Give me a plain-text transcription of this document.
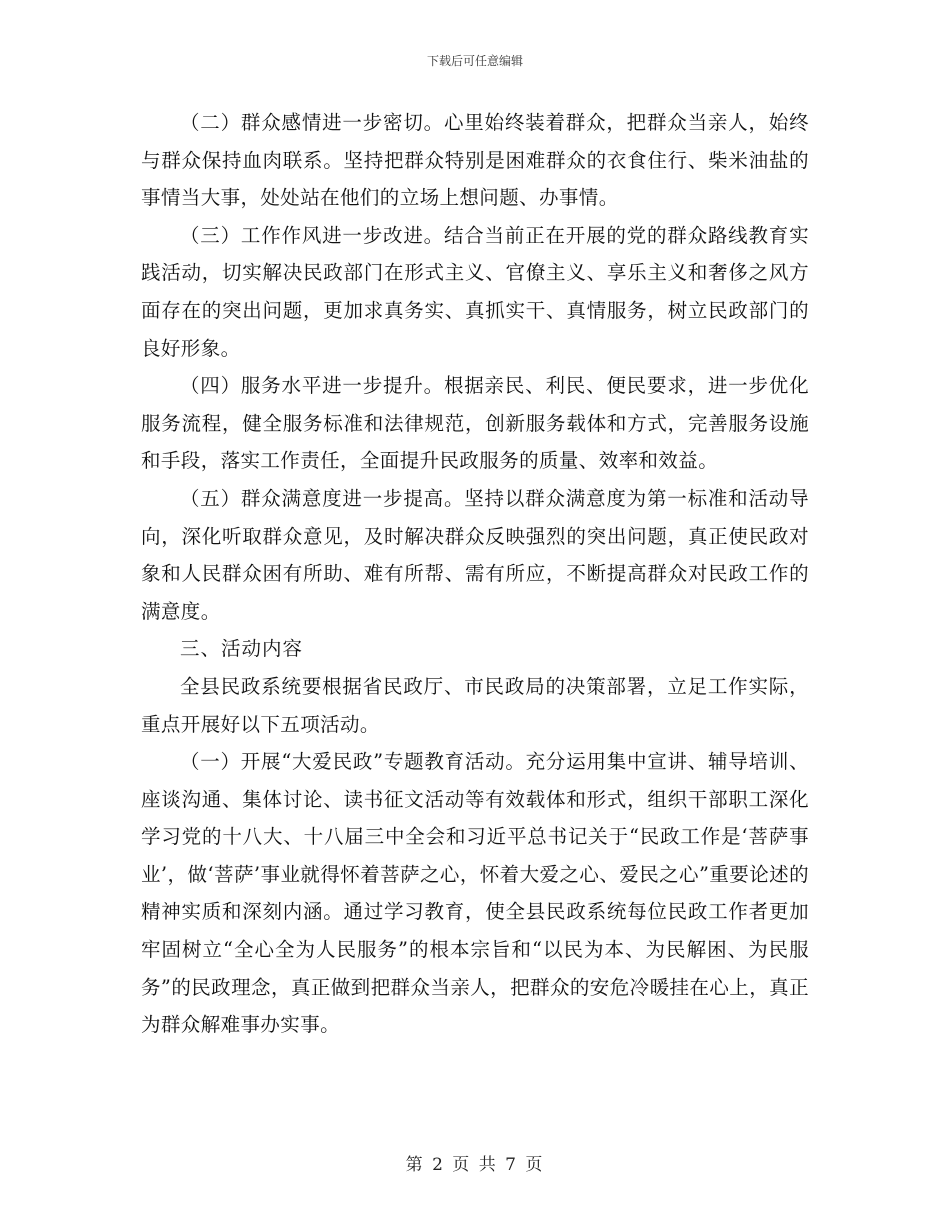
下载后可任意编辑

（二）群众感情进一步密切。心里始终装着群众，把群众当亲人，始终与群众保持血肉联系。坚持把群众特别是困难群众的衣食住行、柴米油盐的事情当大事，处处站在他们的立场上想问题、办事情。

（三）工作作风进一步改进。结合当前正在开展的党的群众路线教育实践活动，切实解决民政部门在形式主义、官僚主义、享乐主义和奢侈之风方面存在的突出问题，更加求真务实、真抓实干、真情服务，树立民政部门的良好形象。

（四）服务水平进一步提升。根据亲民、利民、便民要求，进一步优化服务流程，健全服务标准和法律规范，创新服务载体和方式，完善服务设施和手段，落实工作责任，全面提升民政服务的质量、效率和效益。

（五）群众满意度进一步提高。坚持以群众满意度为第一标准和活动导向，深化听取群众意见，及时解决群众反映强烈的突出问题，真正使民政对象和人民群众困有所助、难有所帮、需有所应，不断提高群众对民政工作的满意度。

三、活动内容

全县民政系统要根据省民政厅、市民政局的决策部署，立足工作实际，重点开展好以下五项活动。

（一）开展“大爱民政”专题教育活动。充分运用集中宣讲、辅导培训、座谈沟通、集体讨论、读书征文活动等有效载体和形式，组织干部职工深化学习党的十八大、十八届三中全会和习近平总书记关于“民政工作是‘菩萨事业’，做‘菩萨’事业就得怀着菩萨之心，怀着大爱之心、爱民之心”重要论述的精神实质和深刻内涵。通过学习教育，使全县民政系统每位民政工作者更加牢固树立“全心全为人民服务”的根本宗旨和“以民为本、为民解困、为民服务”的民政理念，真正做到把群众当亲人，把群众的安危冷暖挂在心上，真正为群众解难事办实事。

第 2 页 共 7 页
